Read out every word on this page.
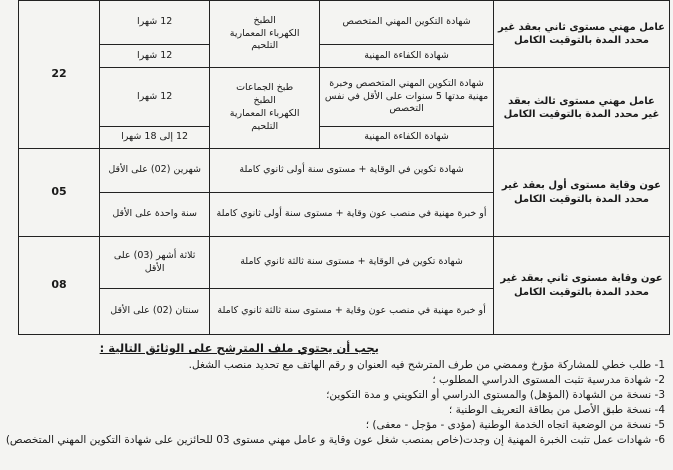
عامل مهني مستوى ثاني بعقد غير محدد المدة بالتوقيت الكامل	شهادة التكوين المهني المتخصص	الطبخ
الكهرباء المعمارية
التلحيم	12 شهرا	22
	شهادة الكفاءة المهنية		12 شهرا	
عامل مهني مستوى ثالث بعقد غير محدد المدة بالتوقيت الكامل	شهادة التكوين المهني المتخصص وخبرة مهنية مدتها 5 سنوات على الأقل في نفس التخصص	طبخ الجماعات
الطبخ
الكهرباء المعمارية
التلحيم	12 شهرا	
	شهادة الكفاءة المهنية		12 إلى 18 شهرا	
عون وقاية مستوى أول بعقد غير محدد المدة بالتوقيت الكامل	شهادة تكوين في الوقاية + مستوى سنة أولى ثانوي كاملة		شهرين (02) على الأقل	05
	أو خبرة مهنية في منصب عون وقاية + مستوى سنة أولى ثانوي كاملة		سنة واحدة على الأقل	
عون وقاية مستوى ثاني بعقد غير محدد المدة بالتوقيت الكامل	شهادة تكوين في الوقاية + مستوى سنة ثالثة ثانوي كاملة		ثلاثة أشهر (03) على الأقل	08
	أو خبرة مهنية في منصب عون وقاية + مستوى سنة ثالثة ثانوي كاملة		سنتان (02) على الأقل	
يجب أن يحتوي ملف المترشح على الوثائق التالية :
1- طلب خطي للمشاركة مؤرخ وممضي من طرف المترشح فيه العنوان و رقم الهاتف مع تحديد منصب الشغل.
2- شهادة مدرسية تثبت المستوى الدراسي المطلوب ؛
3- نسخة من الشهادة (المؤهل) والمستوى الدراسي أو التكويني و مدة التكوين؛
4- نسخة طبق الأصل من بطاقة التعريف الوطنية ؛
5- نسخة من الوضعية اتجاه الخدمة الوطنية (مؤدى - مؤجل - معفى) ؛
6- شهادات عمل تثبت الخبرة المهنية إن وجدت(خاص بمنصب شغل عون وقاية و عامل مهني مستوى 03 للحائزين على شهادة التكوين المهني المتخصص)
